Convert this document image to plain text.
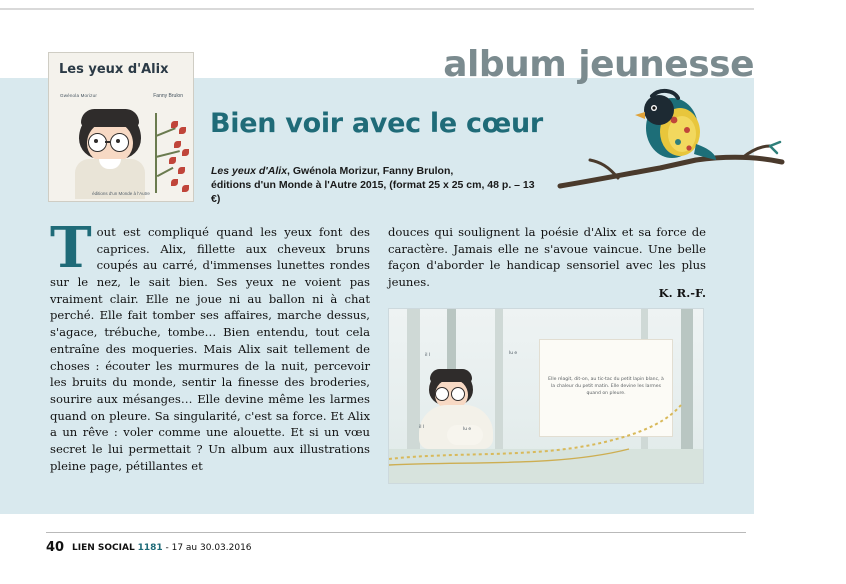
album jeunesse
Les yeux d'Alix
Gwénola Morizur	Fanny Brulon
éditions d'un Monde à l'Autre
Bien voir avec le cœur
Les yeux d'Alix, Gwénola Morizur, Fanny Brulon,
éditions d'un Monde à l'Autre 2015, (format 25 x 25 cm, 48 p. – 13 €)
Tout est compliqué quand les yeux font des caprices. Alix, fillette aux cheveux bruns coupés au carré, d'immenses lunettes rondes sur le nez, le sait bien. Ses yeux ne voient pas vraiment clair. Elle ne joue ni au ballon ni à chat perché. Elle fait tomber ses affaires, marche dessus, s'agace, trébuche, tombe… Bien entendu, tout cela entraîne des moqueries. Mais Alix sait tellement de choses : écouter les murmures de la nuit, percevoir les bruits du monde, sentir la finesse des broderies, sourire aux mésanges… Elle devine même les larmes quand on pleure. Sa singularité, c'est sa force. Et Alix a un rêve : voler comme une alouette. Et si un vœu secret le lui permettait ? Un album aux illustrations pleine page, pétillantes et
douces qui soulignent la poésie d'Alix et sa force de caractère. Jamais elle ne s'avoue vaincue. Une belle façon d'aborder le handicap sensoriel avec les plus jeunes.
K. R.-F.
Elle réagit, dit-on, au tic-tac du petit lapin blanc, à la chaleur du petit matin. Elle devine les larmes quand on pleure.
il l	lu e
il l	lu e
40 LIEN SOCIAL 1181 - 17 au 30.03.2016
